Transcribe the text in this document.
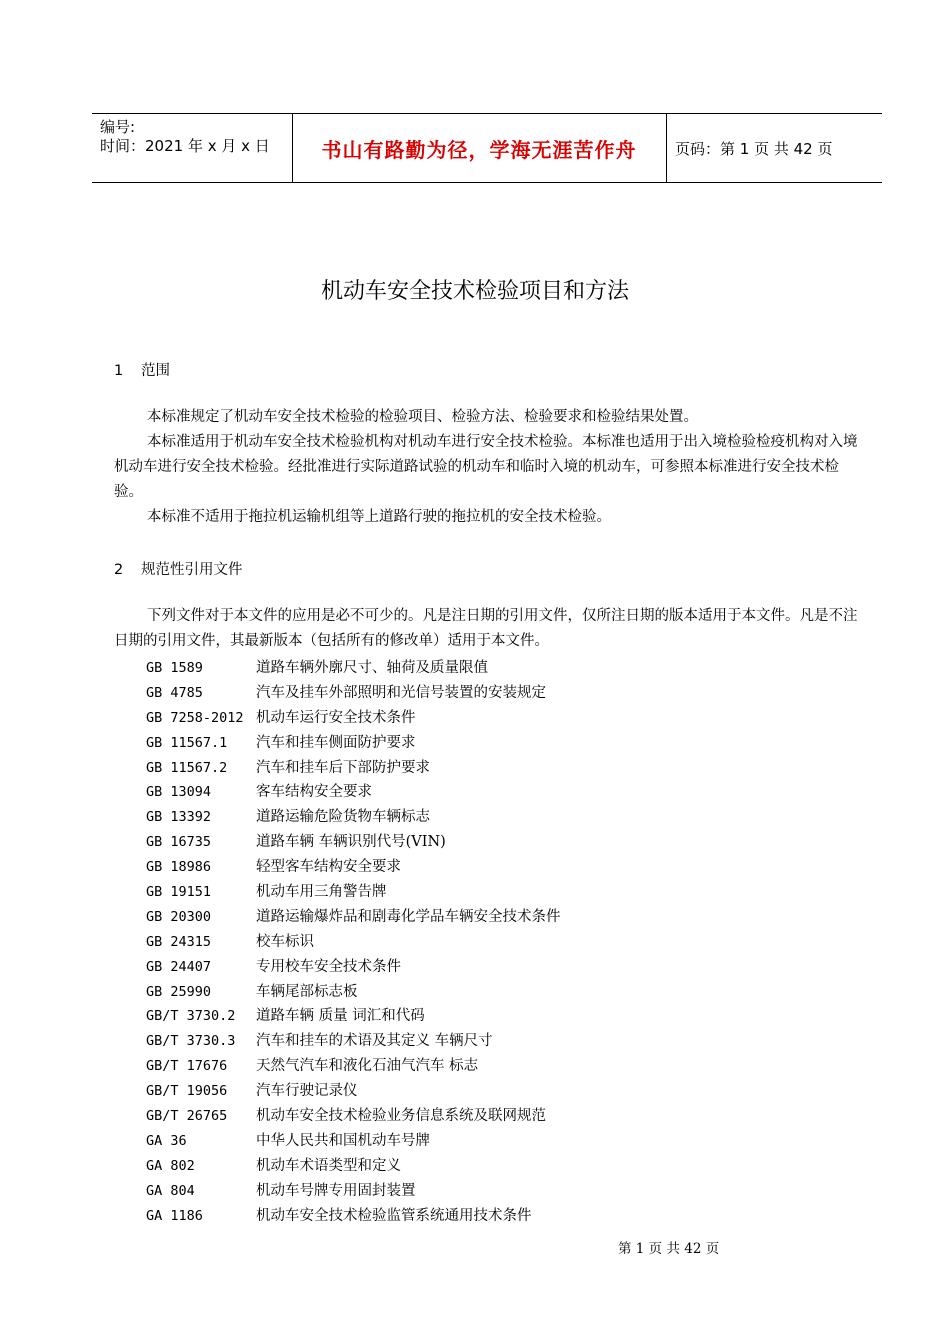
编号:
时间：2021 年 x 月 x 日	书山有路勤为径，学海无涯苦作舟	页码：第 1 页 共 42 页
机动车安全技术检验项目和方法
1 范围

本标准规定了机动车安全技术检验的检验项目、检验方法、检验要求和检验结果处置。

本标准适用于机动车安全技术检验机构对机动车进行安全技术检验。本标准也适用于出入境检验检疫机构对入境机动车进行安全技术检验。经批准进行实际道路试验的机动车和临时入境的机动车，可参照本标准进行安全技术检验。

本标准不适用于拖拉机运输机组等上道路行驶的拖拉机的安全技术检验。

2 规范性引用文件

下列文件对于本文件的应用是必不可少的。凡是注日期的引用文件，仅所注日期的版本适用于本文件。凡是不注日期的引用文件，其最新版本（包括所有的修改单）适用于本文件。

GB 1589	道路车辆外廓尺寸、轴荷及质量限值
GB 4785	汽车及挂车外部照明和光信号装置的安装规定
GB 7258-2012 机动车运行安全技术条件
GB 11567.1 汽车和挂车侧面防护要求
GB 11567.2 汽车和挂车后下部防护要求
GB 13094	客车结构安全要求
GB 13392	道路运输危险货物车辆标志
GB 16735	道路车辆 车辆识别代号(VIN)
GB 18986	轻型客车结构安全要求
GB 19151	机动车用三角警告牌
GB 20300	道路运输爆炸品和剧毒化学品车辆安全技术条件
GB 24315	校车标识
GB 24407	专用校车安全技术条件
GB 25990	车辆尾部标志板
GB/T 3730.2 道路车辆 质量 词汇和代码
GB/T 3730.3 汽车和挂车的术语及其定义 车辆尺寸
GB/T 17676 天然气汽车和液化石油气汽车 标志
GB/T 19056 汽车行驶记录仪
GB/T 26765 机动车安全技术检验业务信息系统及联网规范
GA 36	中华人民共和国机动车号牌
GA 802	机动车术语类型和定义
GA 804	机动车号牌专用固封装置
GA 1186	机动车安全技术检验监管系统通用技术条件
第 1 页 共 42 页
